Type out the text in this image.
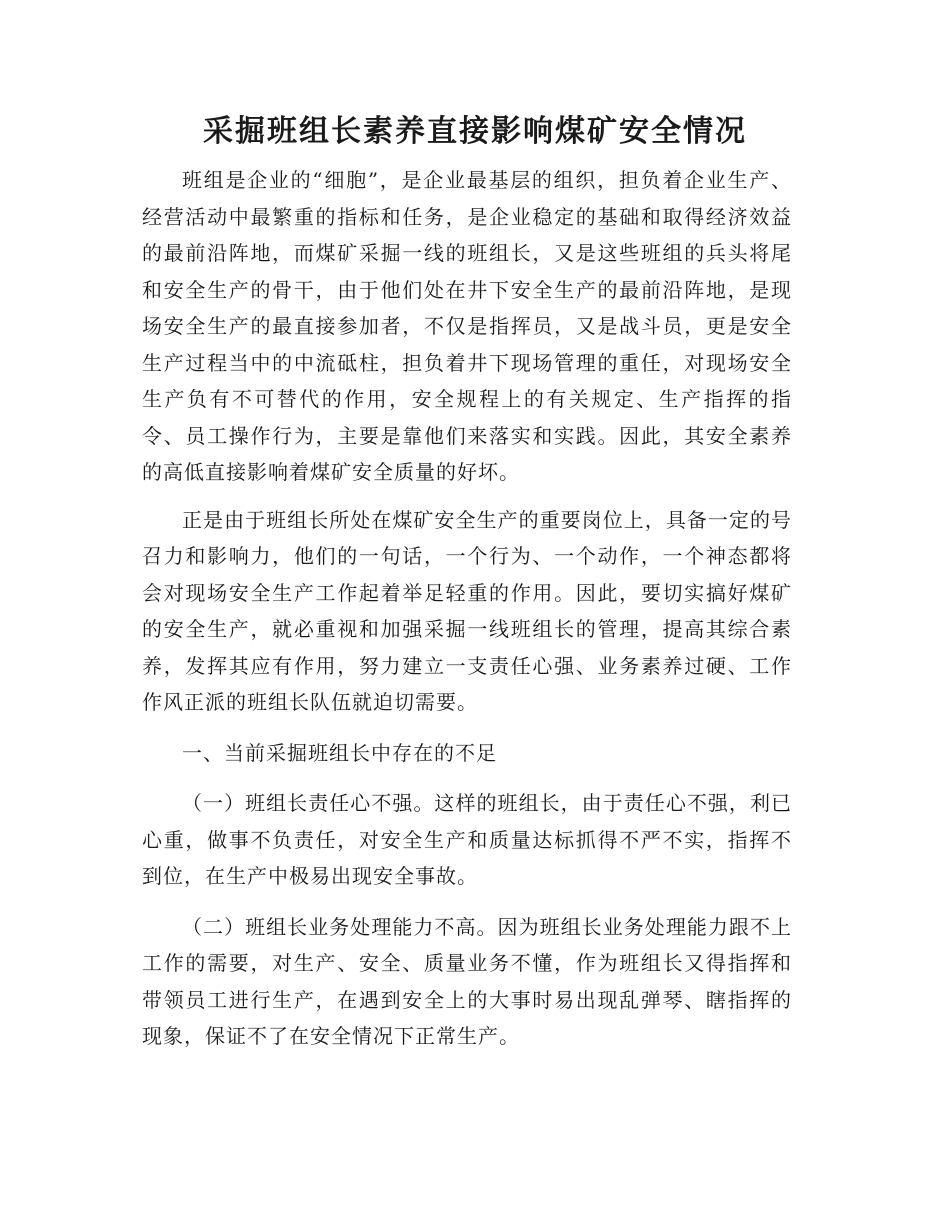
采掘班组长素养直接影响煤矿安全情况

班组是企业的“细胞”，是企业最基层的组织，担负着企业生产、经营活动中最繁重的指标和任务，是企业稳定的基础和取得经济效益的最前沿阵地，而煤矿采掘一线的班组长，又是这些班组的兵头将尾和安全生产的骨干，由于他们处在井下安全生产的最前沿阵地，是现场安全生产的最直接参加者，不仅是指挥员，又是战斗员，更是安全生产过程当中的中流砥柱，担负着井下现场管理的重任，对现场安全生产负有不可替代的作用，安全规程上的有关规定、生产指挥的指令、员工操作行为，主要是靠他们来落实和实践。因此，其安全素养的高低直接影响着煤矿安全质量的好坏。

正是由于班组长所处在煤矿安全生产的重要岗位上，具备一定的号召力和影响力，他们的一句话，一个行为、一个动作，一个神态都将会对现场安全生产工作起着举足轻重的作用。因此，要切实搞好煤矿的安全生产，就必重视和加强采掘一线班组长的管理，提高其综合素养，发挥其应有作用，努力建立一支责任心强、业务素养过硬、工作作风正派的班组长队伍就迫切需要。

一、当前采掘班组长中存在的不足

（一）班组长责任心不强。这样的班组长，由于责任心不强，利已心重，做事不负责任，对安全生产和质量达标抓得不严不实，指挥不到位，在生产中极易出现安全事故。

（二）班组长业务处理能力不高。因为班组长业务处理能力跟不上工作的需要，对生产、安全、质量业务不懂，作为班组长又得指挥和带领员工进行生产，在遇到安全上的大事时易出现乱弹琴、瞎指挥的现象，保证不了在安全情况下正常生产。
